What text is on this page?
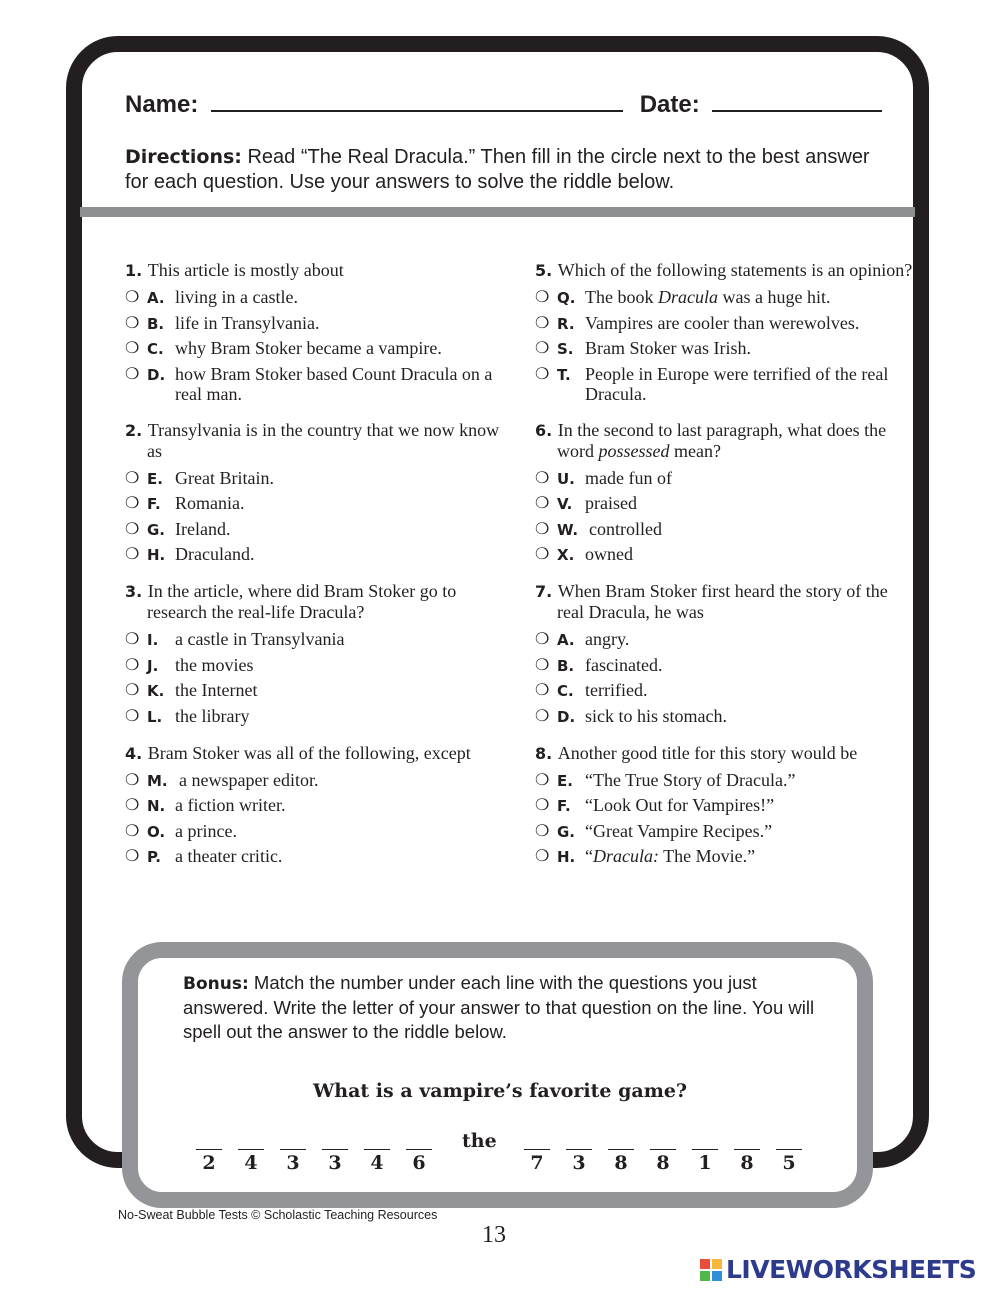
Name:	Date:
Directions: Read “The Real Dracula.” Then fill in the circle next to the best answer for each question. Use your answers to solve the riddle below.
1. This article is mostly about
❍ A. living in a castle.
❍ B. life in Transylvania.
❍ C. why Bram Stoker became a vampire.
❍ D. how Bram Stoker based Count Dracula on a real man.
2. Transylvania is in the country that we now know as
❍ E. Great Britain.
❍ F. Romania.
❍ G. Ireland.
❍ H. Draculand.
3. In the article, where did Bram Stoker go to research the real-life Dracula?
❍ I. a castle in Transylvania
❍ J. the movies
❍ K. the Internet
❍ L. the library
4. Bram Stoker was all of the following, except
❍ M. a newspaper editor.
❍ N. a fiction writer.
❍ O. a prince.
❍ P. a theater critic.
5. Which of the following statements is an opinion?
❍ Q. The book Dracula was a huge hit.
❍ R. Vampires are cooler than werewolves.
❍ S. Bram Stoker was Irish.
❍ T. People in Europe were terrified of the real Dracula.
6. In the second to last paragraph, what does the word possessed mean?
❍ U. made fun of
❍ V. praised
❍ W. controlled
❍ X. owned
7. When Bram Stoker first heard the story of the real Dracula, he was
❍ A. angry.
❍ B. fascinated.
❍ C. terrified.
❍ D. sick to his stomach.
8. Another good title for this story would be
❍ E. “The True Story of Dracula.”
❍ F. “Look Out for Vampires!”
❍ G. “Great Vampire Recipes.”
❍ H. “Dracula: The Movie.”
Bonus: Match the number under each line with the questions you just answered. Write the letter of your answer to that question on the line. You will spell out the answer to the riddle below.
What is a vampire’s favorite game?
2	4	3	3	4	6	7	3	8	8	1	8	5
the
No-Sweat Bubble Tests © Scholastic Teaching Resources
13
LIVEWORKSHEETS
